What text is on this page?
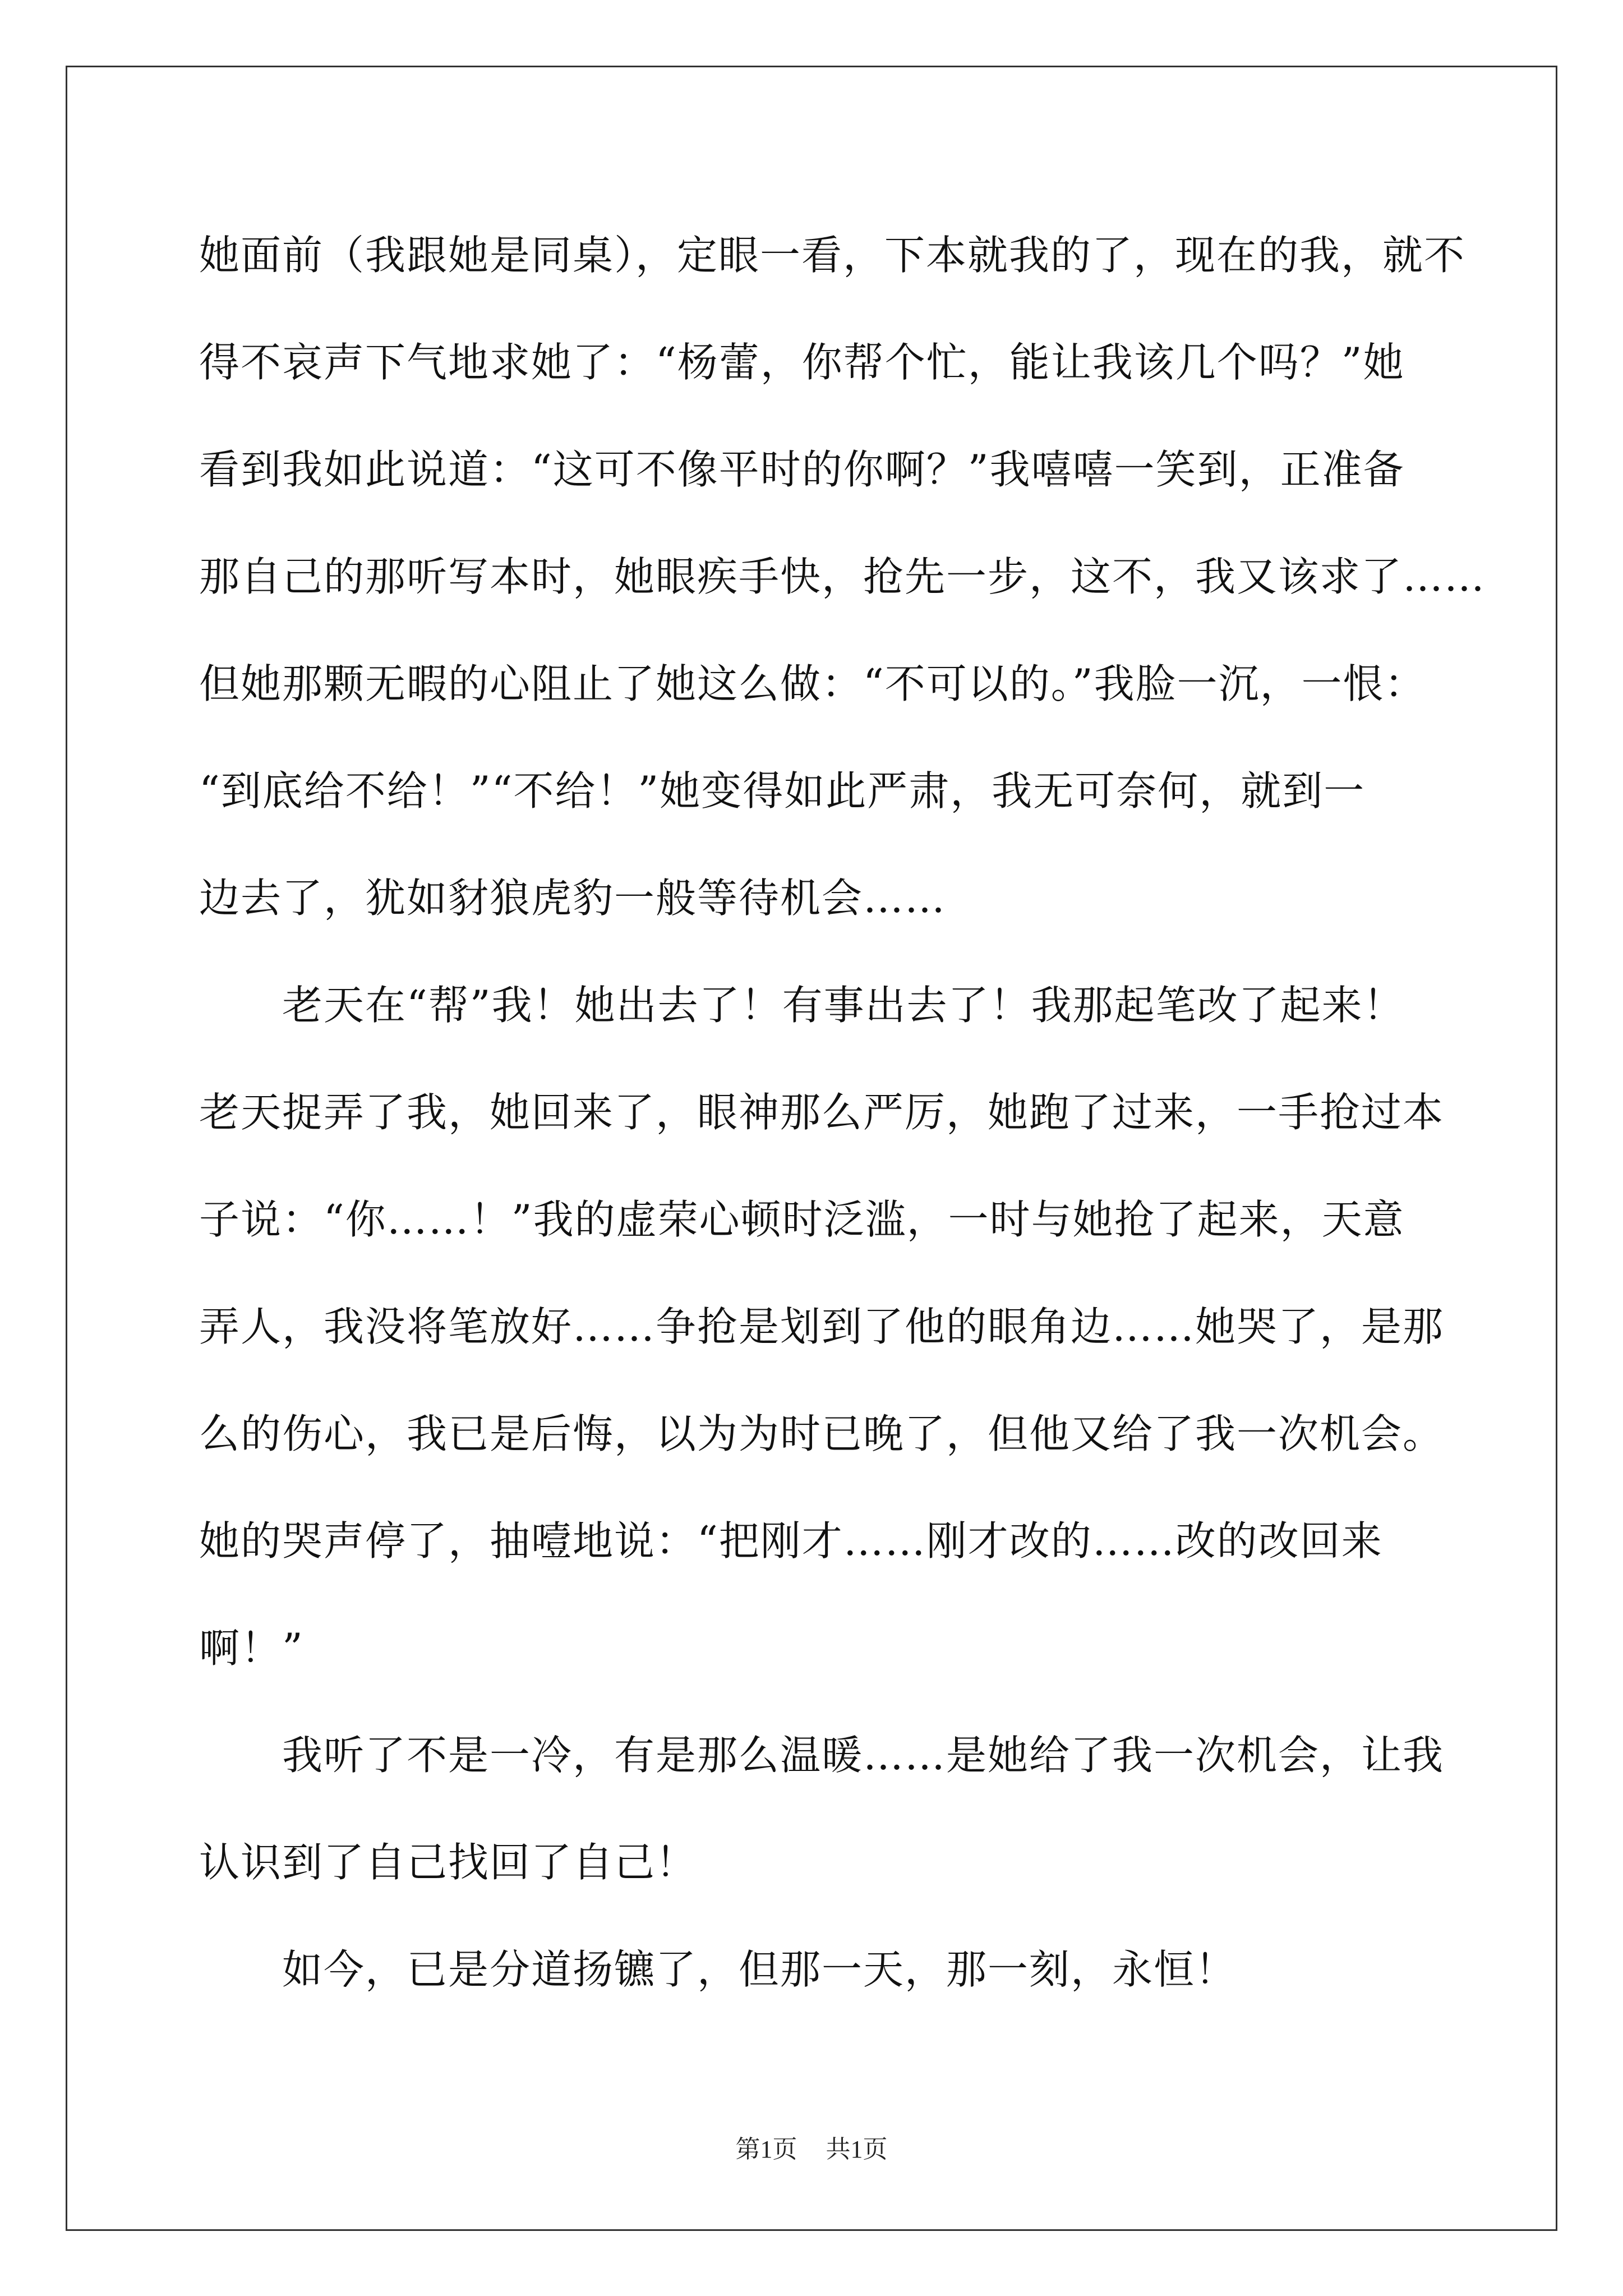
她面前（我跟她是同桌），定眼一看，下本就我的了，现在的我，就不
得不哀声下气地求她了：“杨蕾，你帮个忙，能让我该几个吗？”她
看到我如此说道：“这可不像平时的你啊？”我嘻嘻一笑到，正准备
那自己的那听写本时，她眼疾手快，抢先一步，这不，我又该求了……
但她那颗无暇的心阻止了她这么做：“不可以的。”我脸一沉，一恨：
“到底给不给！”“不给！”她变得如此严肃，我无可奈何，就到一
边去了，犹如豺狼虎豹一般等待机会……
老天在“帮”我！她出去了！有事出去了！我那起笔改了起来！
老天捉弄了我，她回来了，眼神那么严厉，她跑了过来，一手抢过本
子说：“你……！”我的虚荣心顿时泛滥，一时与她抢了起来，天意
弄人，我没将笔放好……争抢是划到了他的眼角边……她哭了，是那
么的伤心，我已是后悔，以为为时已晚了，但他又给了我一次机会。
她的哭声停了，抽噎地说：“把刚才……刚才改的……改的改回来
啊！”
我听了不是一冷，有是那么温暖……是她给了我一次机会，让我
认识到了自己找回了自己！
如今，已是分道扬镳了，但那一天，那一刻，永恒！
第1页 共1页
